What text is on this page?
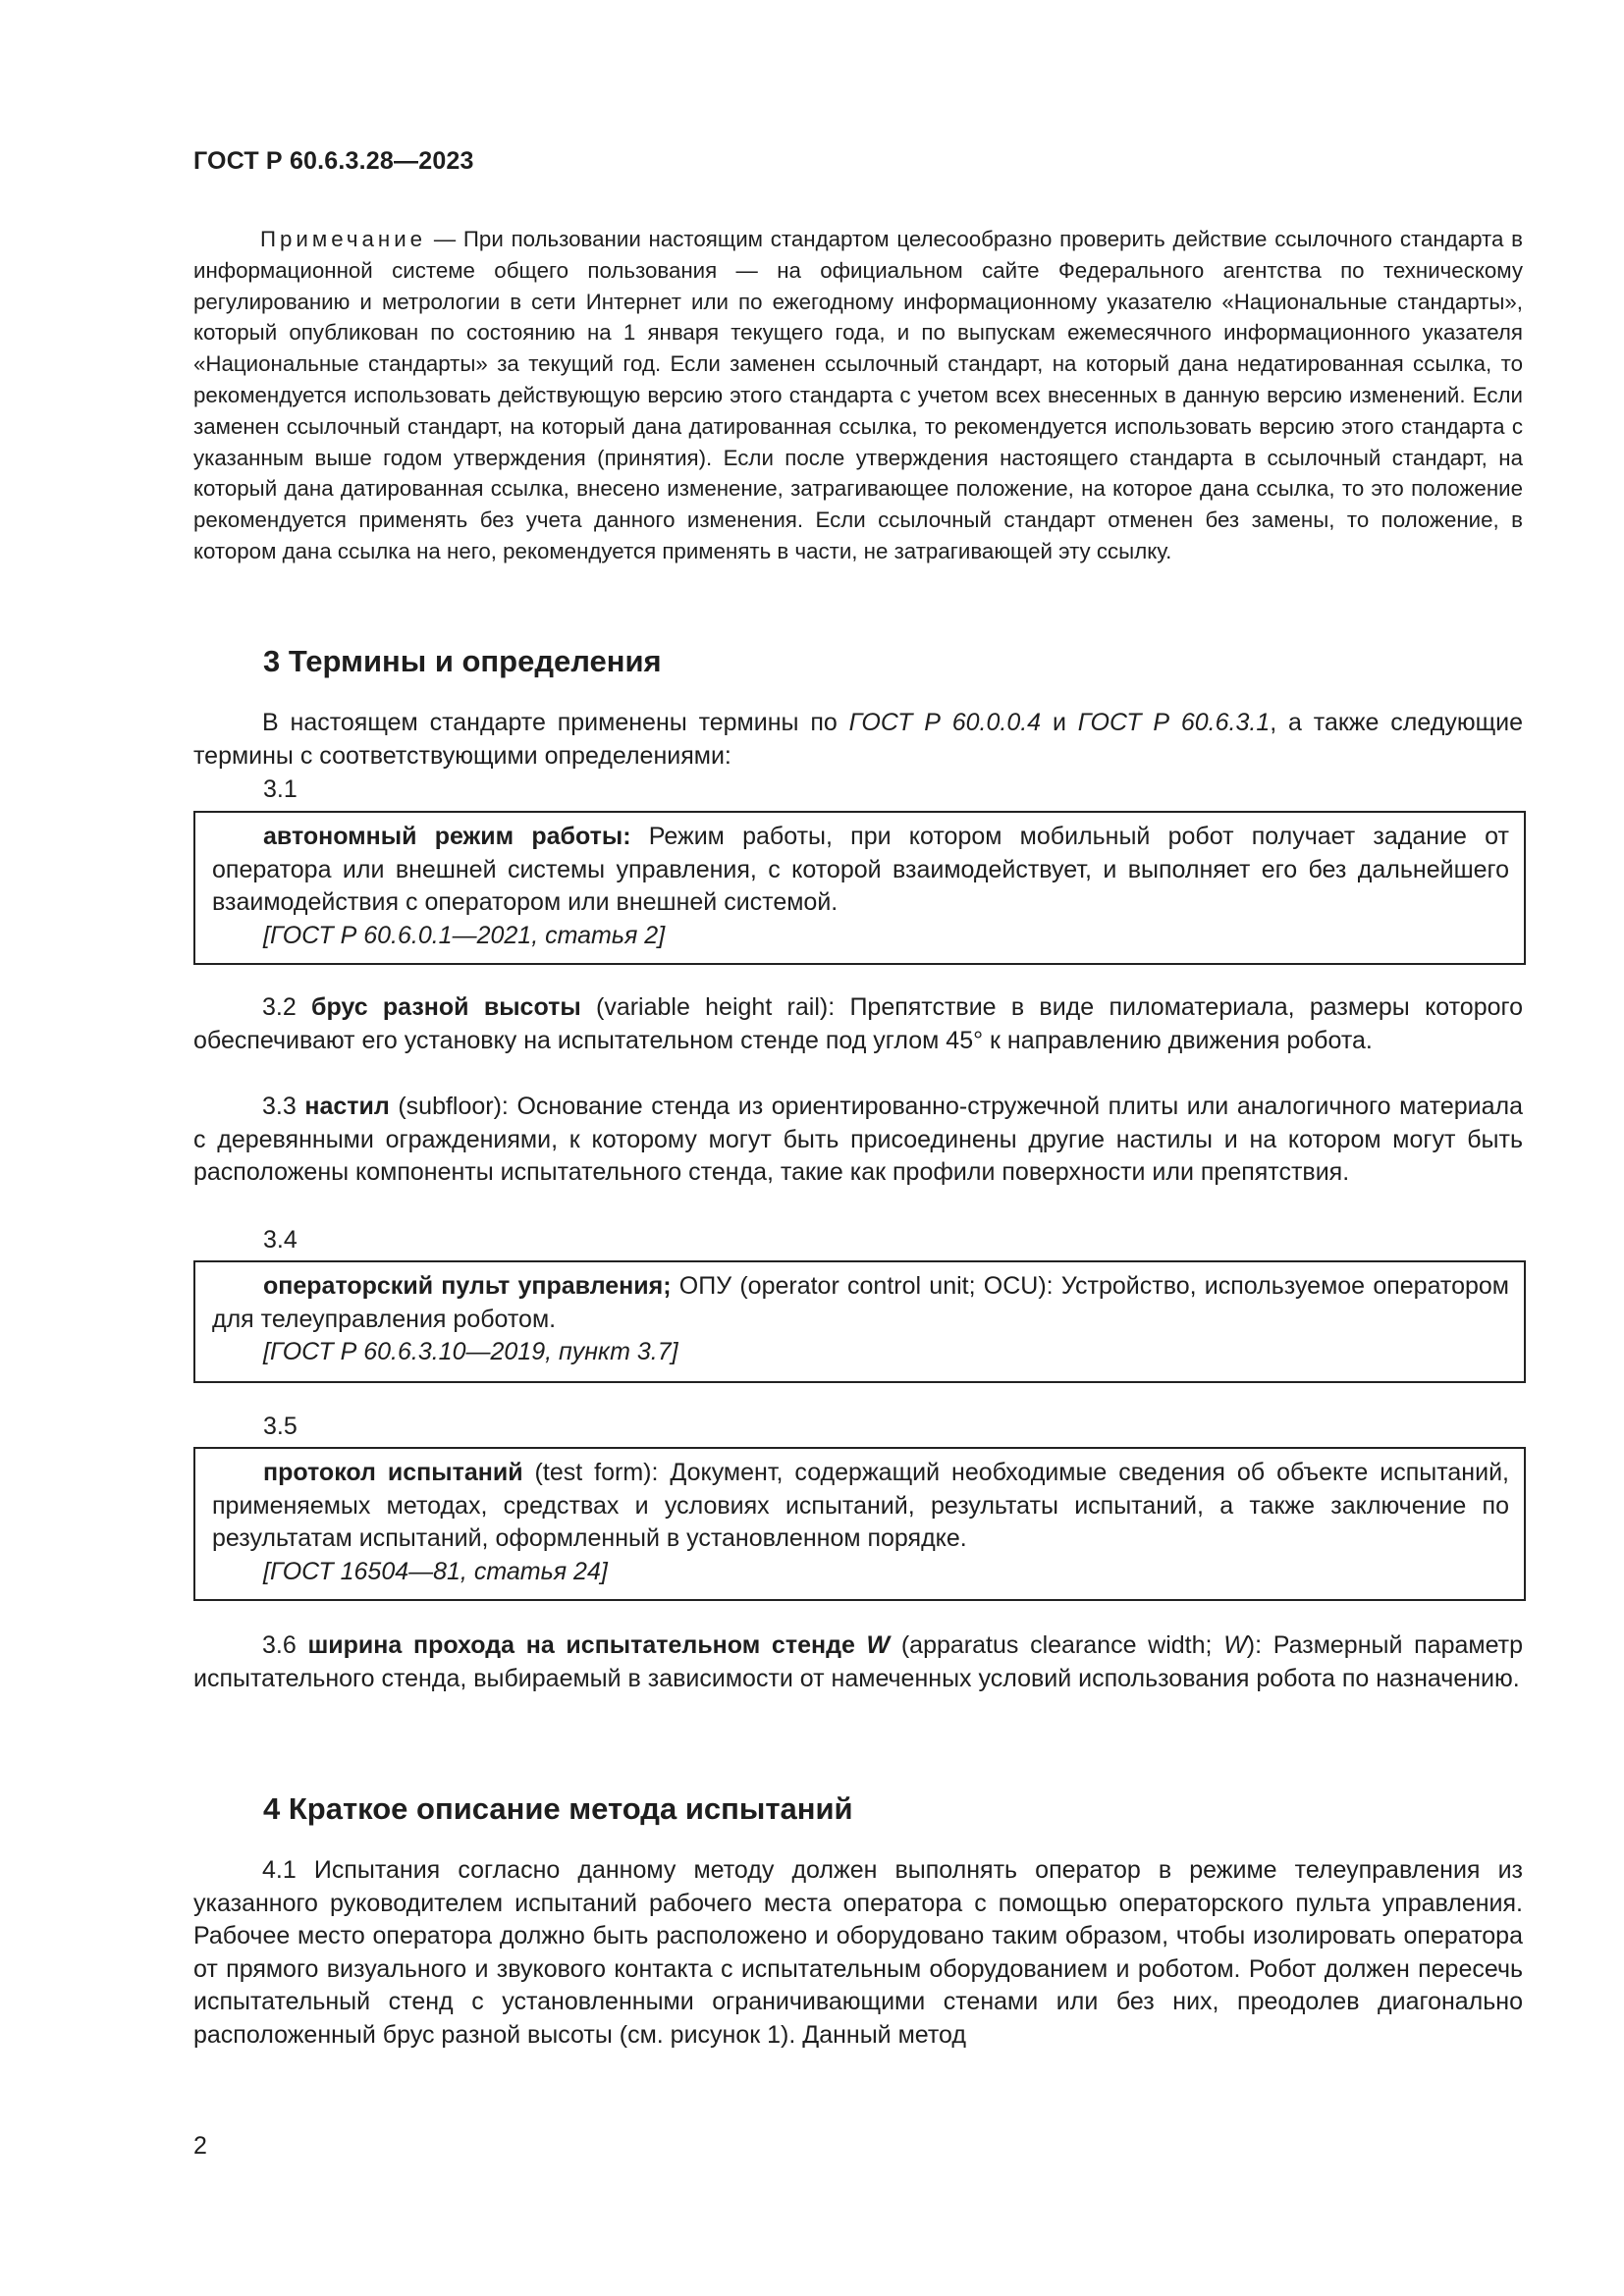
ГОСТ Р 60.6.3.28—2023

Примечание — При пользовании настоящим стандартом целесообразно проверить действие ссылочного стандарта в информационной системе общего пользования — на официальном сайте Федерального агентства по техническому регулированию и метрологии в сети Интернет или по ежегодному информационному указателю «Национальные стандарты», который опубликован по состоянию на 1 января текущего года, и по выпускам ежемесячного информационного указателя «Национальные стандарты» за текущий год. Если заменен ссылочный стандарт, на который дана недатированная ссылка, то рекомендуется использовать действующую версию этого стандарта с учетом всех внесенных в данную версию изменений. Если заменен ссылочный стандарт, на который дана датированная ссылка, то рекомендуется использовать версию этого стандарта с указанным выше годом утверждения (принятия). Если после утверждения настоящего стандарта в ссылочный стандарт, на который дана датированная ссылка, внесено изменение, затрагивающее положение, на которое дана ссылка, то это положение рекомендуется применять без учета данного изменения. Если ссылочный стандарт отменен без замены, то положение, в котором дана ссылка на него, рекомендуется применять в части, не затрагивающей эту ссылку.

3 Термины и определения

В настоящем стандарте применены термины по ГОСТ Р 60.0.0.4 и ГОСТ Р 60.6.3.1, а также следующие термины с соответствующими определениями:

3.1

автономный режим работы: Режим работы, при котором мобильный робот получает задание от оператора или внешней системы управления, с которой взаимодействует, и выполняет его без дальнейшего взаимодействия с оператором или внешней системой.

[ГОСТ Р 60.6.0.1—2021, статья 2]

3.2 брус разной высоты (variable height rail): Препятствие в виде пиломатериала, размеры которого обеспечивают его установку на испытательном стенде под углом 45° к направлению движения робота.

3.3 настил (subfloor): Основание стенда из ориентированно-стружечной плиты или аналогичного материала с деревянными ограждениями, к которому могут быть присоединены другие настилы и на котором могут быть расположены компоненты испытательного стенда, такие как профили поверхности или препятствия.

3.4

операторский пульт управления; ОПУ (operator control unit; OCU): Устройство, используемое оператором для телеуправления роботом.

[ГОСТ Р 60.6.3.10—2019, пункт 3.7]

3.5

протокол испытаний (test form): Документ, содержащий необходимые сведения об объекте испытаний, применяемых методах, средствах и условиях испытаний, результаты испытаний, а также заключение по результатам испытаний, оформленный в установленном порядке.

[ГОСТ 16504—81, статья 24]

3.6 ширина прохода на испытательном стенде W (apparatus clearance width; W): Размерный параметр испытательного стенда, выбираемый в зависимости от намеченных условий использования робота по назначению.

4 Краткое описание метода испытаний

4.1 Испытания согласно данному методу должен выполнять оператор в режиме телеуправления из указанного руководителем испытаний рабочего места оператора с помощью операторского пульта управления. Рабочее место оператора должно быть расположено и оборудовано таким образом, чтобы изолировать оператора от прямого визуального и звукового контакта с испытательным оборудованием и роботом. Робот должен пересечь испытательный стенд с установленными ограничивающими стенами или без них, преодолев диагонально расположенный брус разной высоты (см. рисунок 1). Данный метод

2
